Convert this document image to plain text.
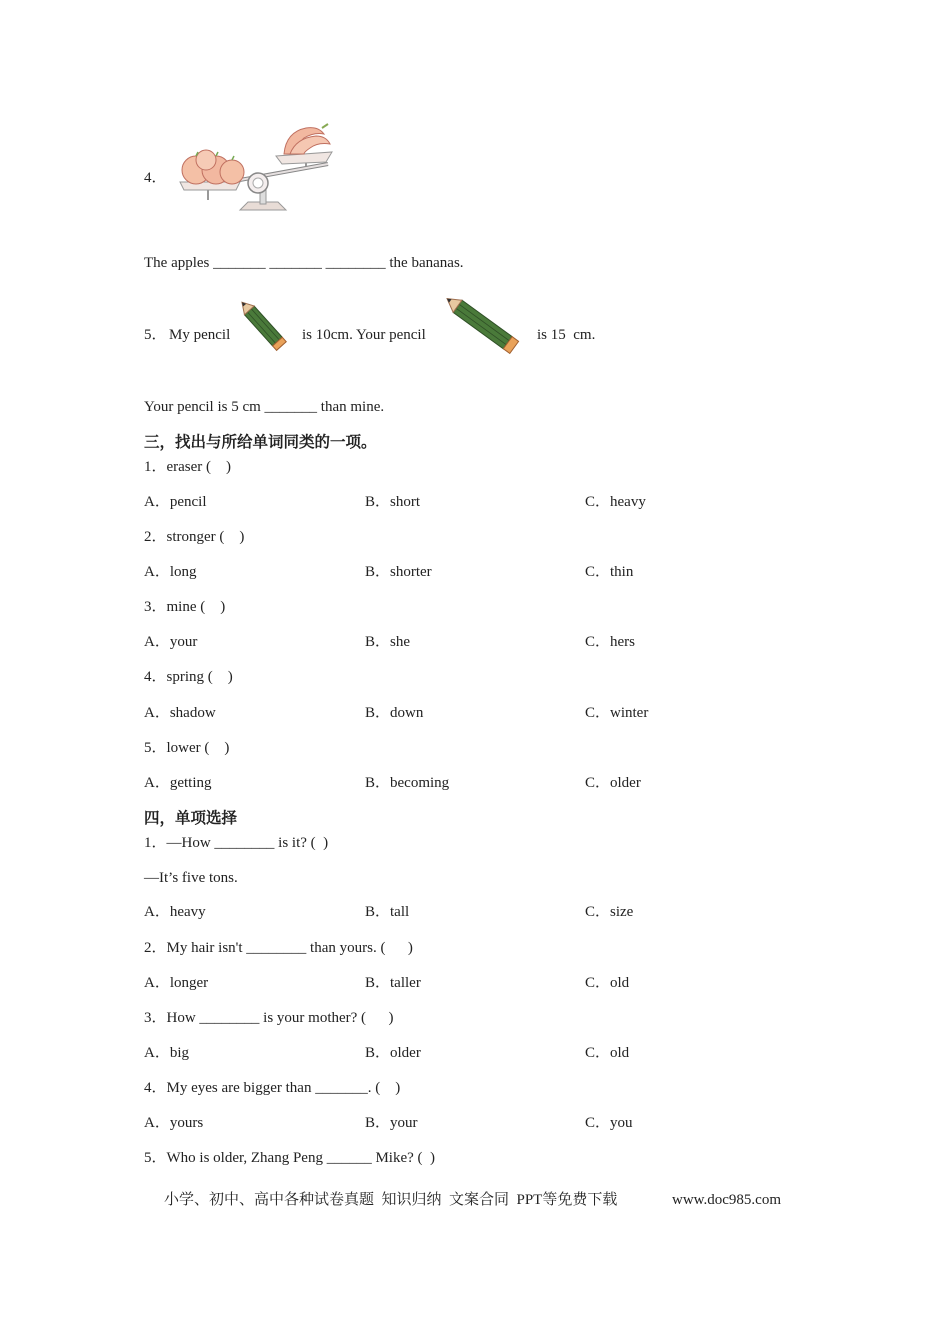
4．
The apples _______ _______ ________ the bananas.
5． My pencil	is 10cm. Your pencil	is 15  cm.
Your pencil is 5 cm _______ than mine.
三，找出与所给单词同类的一项。
1．eraser (    )
A．pencil	B．short	C．heavy
2．stronger (    )
A．long	B．shorter	C．thin
3．mine (    )
A．your	B．she	C．hers
4．spring (    )
A．shadow	B．down	C．winter
5．lower (    )
A．getting	B．becoming	C．older
四，单项选择
1．—How ________ is it? (  )
—It’s five tons.
A．heavy	B．tall	C．size
2．My hair isn't ________ than yours. (      )
A．longer	B．taller	C．old
3．How ________ is your mother? (      )
A．big	B．older	C．old
4．My eyes are bigger than _______. (    )
A．yours	B．your	C．you
5．Who is older, Zhang Peng ______ Mike? (  )
小学、初中、高中各种试卷真题  知识归纳  文案合同  PPT等免费下载	www.doc985.com
